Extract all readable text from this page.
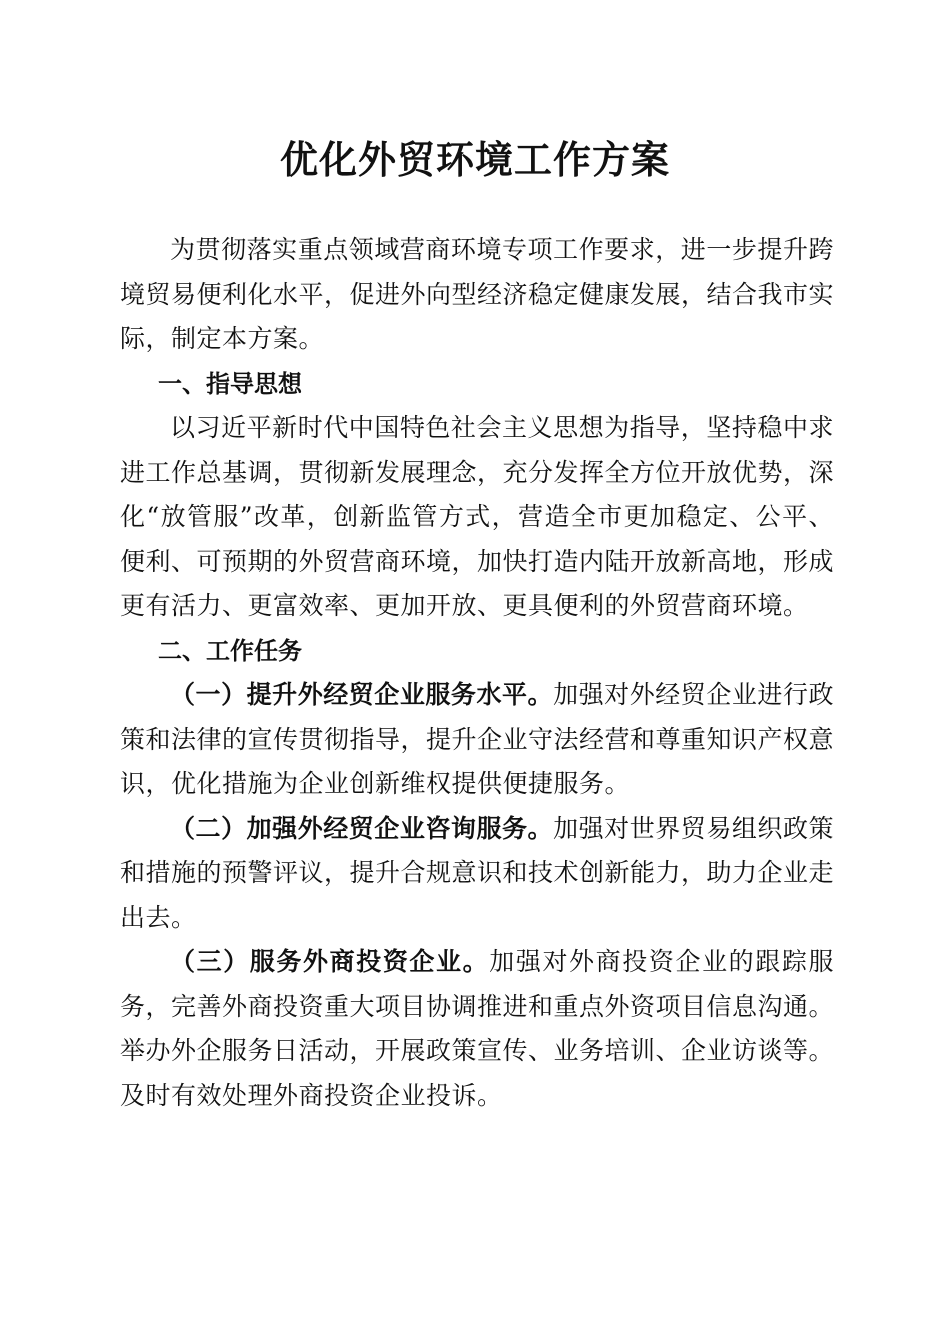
优化外贸环境工作方案

为贯彻落实重点领域营商环境专项工作要求，进一步提升跨境贸易便利化水平，促进外向型经济稳定健康发展，结合我市实际，制定本方案。

一、指导思想

以习近平新时代中国特色社会主义思想为指导，坚持稳中求进工作总基调，贯彻新发展理念，充分发挥全方位开放优势，深化“放管服”改革，创新监管方式，营造全市更加稳定、公平、便利、可预期的外贸营商环境，加快打造内陆开放新高地，形成更有活力、更富效率、更加开放、更具便利的外贸营商环境。

二、工作任务

（一）提升外经贸企业服务水平。加强对外经贸企业进行政策和法律的宣传贯彻指导，提升企业守法经营和尊重知识产权意识，优化措施为企业创新维权提供便捷服务。

（二）加强外经贸企业咨询服务。加强对世界贸易组织政策和措施的预警评议，提升合规意识和技术创新能力，助力企业走出去。

（三）服务外商投资企业。加强对外商投资企业的跟踪服务，完善外商投资重大项目协调推进和重点外资项目信息沟通。举办外企服务日活动，开展政策宣传、业务培训、企业访谈等。及时有效处理外商投资企业投诉。
